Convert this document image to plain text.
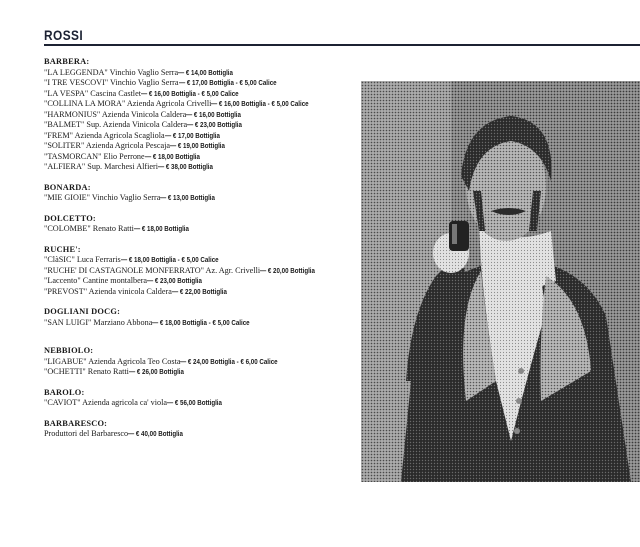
ROSSI
BARBERA:
"LA LEGGENDA" Vinchio Vaglio Serra— € 14,00 Bottiglia
"I TRE VESCOVI" Vinchio Vaglio Serra— € 17,00 Bottiglia - € 5,00 Calice
"LA VESPA" Cascina Castlet— € 16,00 Bottiglia - € 5,00 Calice
"COLLINA LA MORA" Azienda Agricola Crivelli— € 16,00 Bottiglia - € 5,00 Calice
"HARMONIUS" Azienda Vinicola Caldera— € 16,00 Bottiglia
"BALMET" Sup. Azienda Vinicola Caldera— € 23,00 Bottiglia
"FREM" Azienda Agricola Scagliola— € 17,00 Bottiglia
"SOLITER" Azienda Agricola Pescaja— € 19,00 Bottiglia
"TASMORCAN" Elio Perrone— € 18,00 Bottiglia
"ALFIERA" Sup. Marchesi Alfieri— € 38,00 Bottiglia
BONARDA:
"MIE GIOIE" Vinchio Vaglio Serra— € 13,00 Bottiglia
DOLCETTO:
"COLOMBE" Renato Ratti— € 18,00 Bottiglia
RUCHE':
"ClàSIC" Luca Ferraris— € 18,00 Bottiglia - € 5,00 Calice
"RUCHE' DI CASTAGNOLE MONFERRATO" Az. Agr. Crivelli— € 20,00 Bottiglia
"Laccento" Cantine montalbera— € 23,00 Bottiglia
"PREVOST" Azienda vinicola Caldera— € 22,00 Bottiglia
DOGLIANI DOCG:
"SAN LUIGI" Marziano Abbona— € 18,00 Bottiglia - € 5,00 Calice
NEBBIOLO:
"LIGABUE" Azienda Agricola Teo Costa— € 24,00 Bottiglia - € 6,00 Calice
"OCHETTI" Renato Ratti— € 26,00 Bottiglia
BAROLO:
"CAVIOT" Azienda agricola ca' viola— € 56,00 Bottiglia
BARBARESCO:
Produttori del Barbaresco— € 40,00 Bottiglia
